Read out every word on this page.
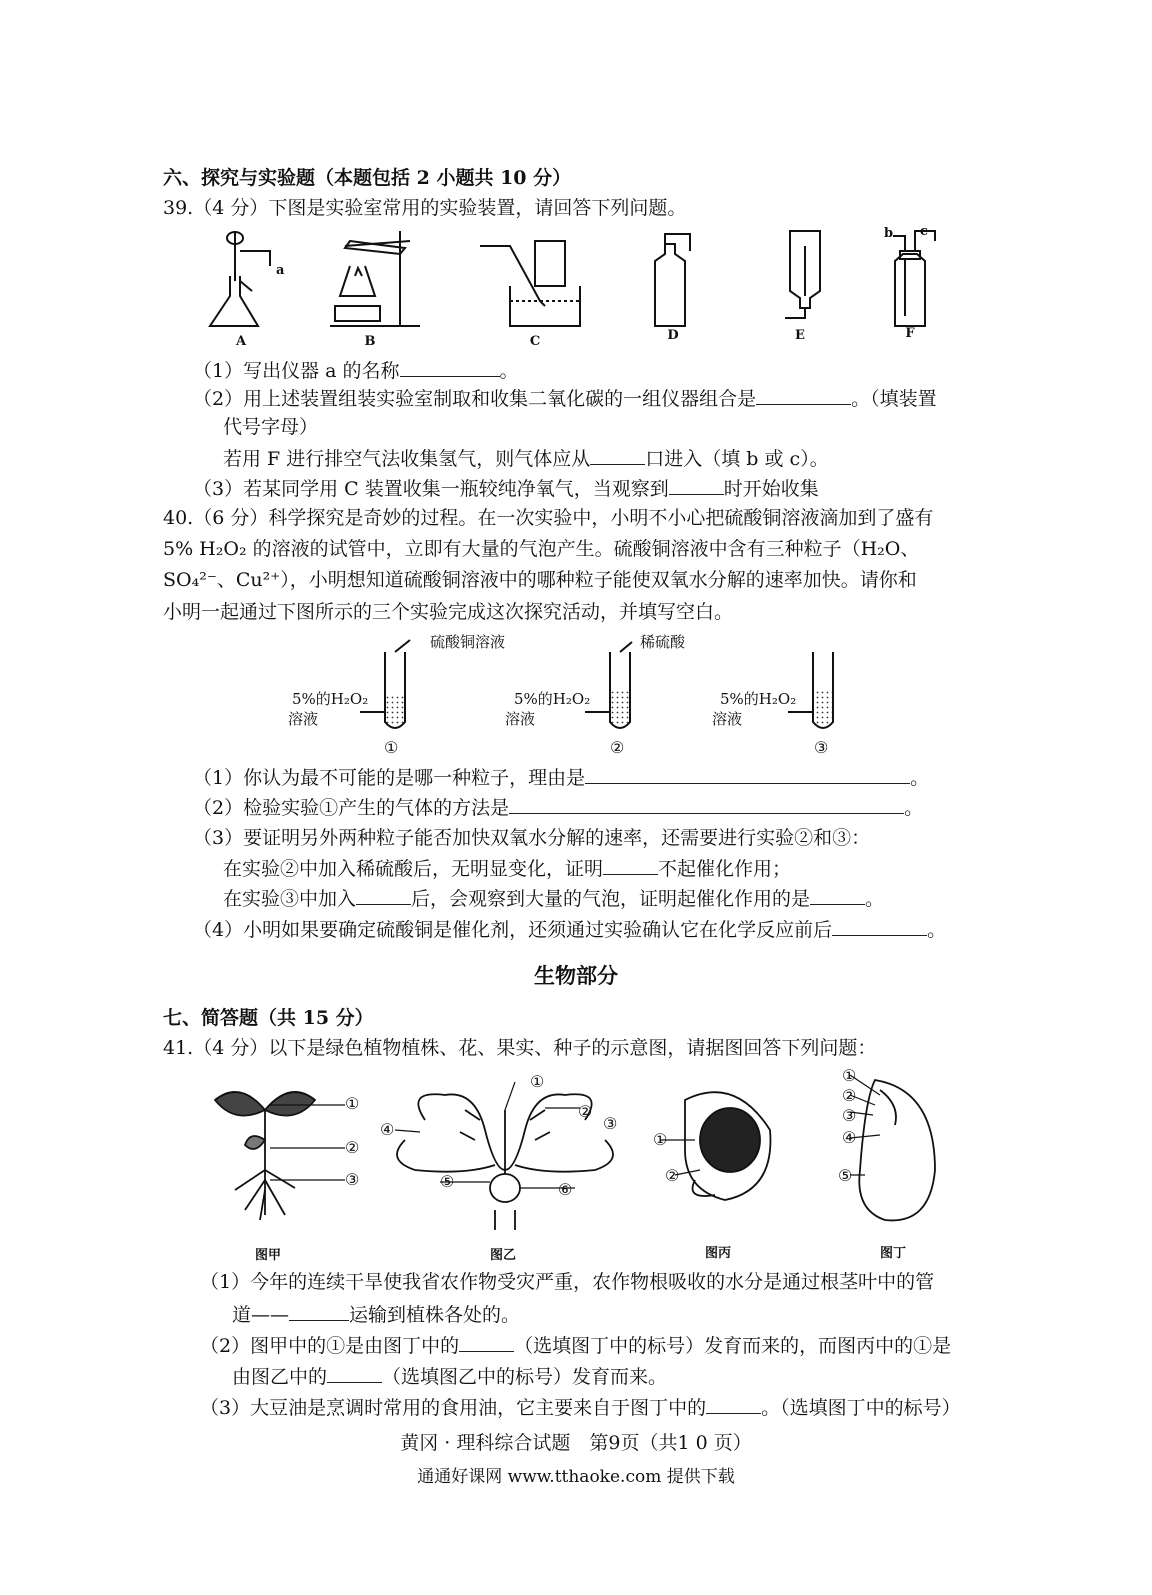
六、探究与实验题（本题包括 2 小题共 10 分）
39.（4 分）下图是实验室常用的实验装置，请回答下列问题。
A	B	C	D	E	F
a
b c
（1）写出仪器 a 的名称	。
（2）用上述装置组装实验室制取和收集二氧化碳的一组仪器组合是	。（填装置
代号字母）
若用 F 进行排空气法收集氢气，则气体应从	口进入（填 b 或 c）。
（3）若某同学用 C 装置收集一瓶较纯净氧气，当观察到	时开始收集
40.（6 分）科学探究是奇妙的过程。在一次实验中，小明不小心把硫酸铜溶液滴加到了盛有
5% H₂O₂ 的溶液的试管中，立即有大量的气泡产生。硫酸铜溶液中含有三种粒子（H₂O、
SO₄²⁻、Cu²⁺），小明想知道硫酸铜溶液中的哪种粒子能使双氧水分解的速率加快。请你和
小明一起通过下图所示的三个实验完成这次探究活动，并填写空白。
硫酸铜溶液	稀硫酸
5%的H₂O₂
溶液
5%的H₂O₂
溶液
5%的H₂O₂
溶液
①	②	③
（1）你认为最不可能的是哪一种粒子，理由是	。
（2）检验实验①产生的气体的方法是	。
（3）要证明另外两种粒子能否加快双氧水分解的速率，还需要进行实验②和③：
在实验②中加入稀硫酸后，无明显变化，证明	不起催化作用；
在实验③中加入	后，会观察到大量的气泡，证明起催化作用的是	。
（4）小明如果要确定硫酸铜是催化剂，还须通过实验确认它在化学反应前后	。
生物部分
七、简答题（共 15 分）
41.（4 分）以下是绿色植物植株、花、果实、种子的示意图，请据图回答下列问题：
①
②
③
①
②
③
④
⑤	⑥
①
②
①
②
③
④
⑤
图甲	图乙	图丙	图丁
（1）今年的连续干旱使我省农作物受灾严重，农作物根吸收的水分是通过根茎叶中的管
道——	运输到植株各处的。
（2）图甲中的①是由图丁中的	（选填图丁中的标号）发育而来的，而图丙中的①是
由图乙中的	（选填图乙中的标号）发育而来。
（3）大豆油是烹调时常用的食用油，它主要来自于图丁中的	。（选填图丁中的标号）
黄冈 · 理科综合试题　第9页（共1 0 页）
通通好课网 www.tthaoke.com 提供下载
